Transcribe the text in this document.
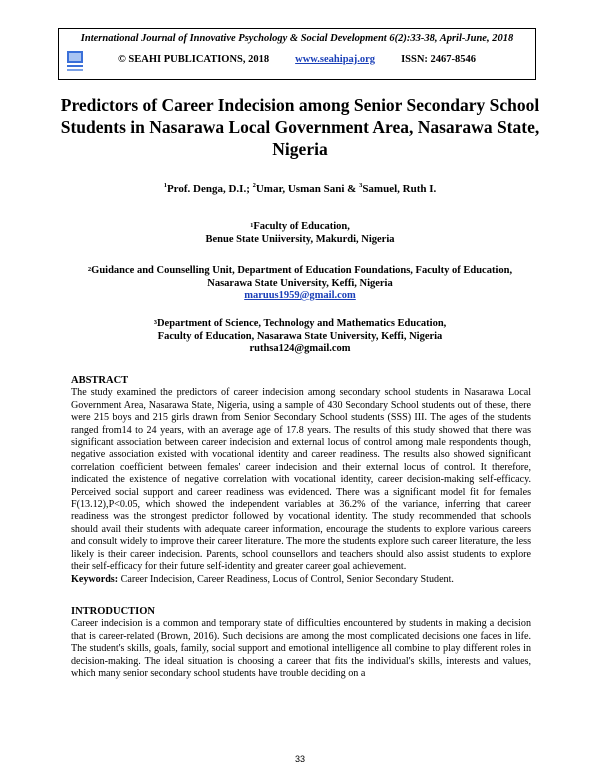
International Journal of Innovative Psychology & Social Development 6(2):33-38, April-June, 2018
© SEAHI PUBLICATIONS, 2018 www.seahipaj.org ISSN: 2467-8546
Predictors of Career Indecision among Senior Secondary School Students in Nasarawa Local Government Area, Nasarawa State, Nigeria
$^1$Prof. Denga, D.I.; $^2$Umar, Usman Sani & $^3$Samuel, Ruth I.
$^1$Faculty of Education,
Benue State Uniiversity, Makurdi, Nigeria
$^2$Guidance and Counselling Unit, Department of Education Foundations, Faculty of Education,
Nasarawa State University, Keffi, Nigeria
maruus1959@gmail.com
$^3$Department of Science, Technology and Mathematics Education,
Faculty of Education, Nasarawa State University, Keffi, Nigeria
ruthsa124@gmail.com
ABSTRACT
The study examined the predictors of career indecision among secondary school students in Nasarawa Local Government Area, Nasarawa State, Nigeria, using a sample of 430 Secondary School students out of these, there were 215 boys and 215 girls drawn from Senior Secondary School students (SSS) III. The ages of the students ranged from14 to 24 years, with an average age of 17.8 years. The results of this study showed that there was significant association between career indecision and external locus of control among male respondents though, negative association existed with vocational identity and career readiness. The results also showed significant correlation coefficient between females' career indecision and their external locus of control. It therefore, indicated the existence of negative correlation with vocational identity, career decision-making self-efficacy. Perceived social support and career readiness was evidenced. There was a significant model fit for females F(13.12),P<0.05, which showed the independent variables at 36.2% of the variance, inferring that career readiness was the strongest predictor followed by vocational identity. The study recommended that schools should avail their students with adequate career information, encourage the students to explore various careers and consult widely to improve their career literature. The more the students explore such career literature, the less likely is their career indecision. Parents, school counsellors and teachers should also assist students to explore their self-efficacy for their future self-identity and greater career goal achievement.
Keywords: Career Indecision, Career Readiness, Locus of Control, Senior Secondary Student.
INTRODUCTION
Career indecision is a common and temporary state of difficulties encountered by students in making a decision that is career-related (Brown, 2016). Such decisions are among the most complicated decisions one faces in life. The student's skills, goals, family, social support and emotional intelligence all combine to play different roles in decision-making. The ideal situation is choosing a career that fits the individual's skills, interests and values, which many senior secondary school students have trouble deciding on a
33
